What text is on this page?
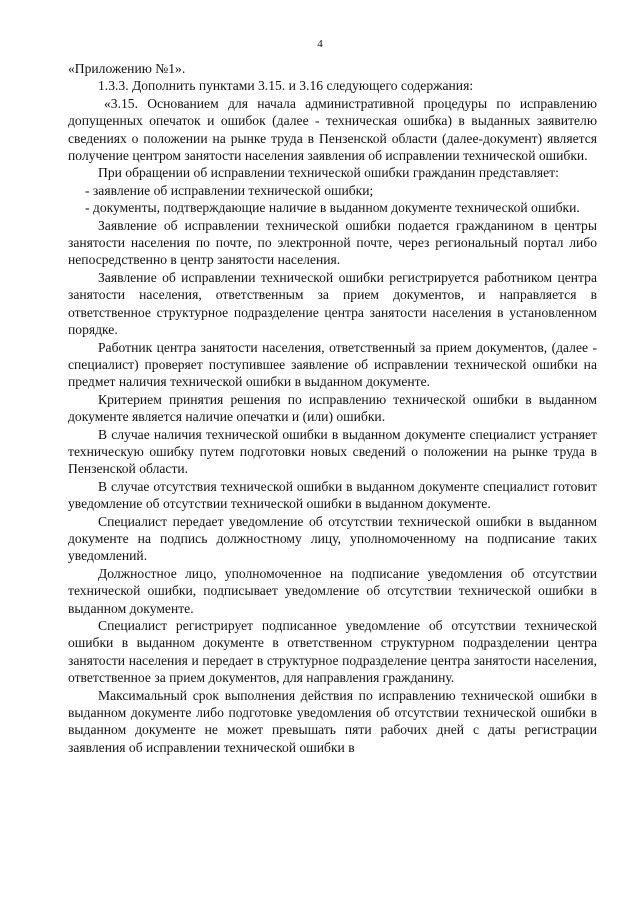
4

«Приложению №1».

1.3.3. Дополнить пунктами 3.15. и 3.16 следующего содержания:

«3.15. Основанием для начала административной процедуры по исправлению допущенных опечаток и ошибок (далее - техническая ошибка) в выданных заявителю сведениях о положении на рынке труда в Пензенской области (далее-документ) является получение центром занятости населения заявления об исправлении технической ошибки.

При обращении об исправлении технической ошибки гражданин представляет:

- заявление об исправлении технической ошибки;

- документы, подтверждающие наличие в выданном документе технической ошибки.

Заявление об исправлении технической ошибки подается гражданином в центры занятости населения по почте, по электронной почте, через региональный портал либо непосредственно в центр занятости населения.

Заявление об исправлении технической ошибки регистрируется работником центра занятости населения, ответственным за прием документов, и направляется в ответственное структурное подразделение центра занятости населения в установленном порядке.

Работник центра занятости населения, ответственный за прием документов, (далее - специалист) проверяет поступившее заявление об исправлении технической ошибки на предмет наличия технической ошибки в выданном документе.

Критерием принятия решения по исправлению технической ошибки в выданном документе является наличие опечатки и (или) ошибки.

В случае наличия технической ошибки в выданном документе специалист устраняет техническую ошибку путем подготовки новых сведений о положении на рынке труда в Пензенской области.

В случае отсутствия технической ошибки в выданном документе специалист готовит уведомление об отсутствии технической ошибки в выданном документе.

Специалист передает уведомление об отсутствии технической ошибки в выданном документе на подпись должностному лицу, уполномоченному на подписание таких уведомлений.

Должностное лицо, уполномоченное на подписание уведомления об отсутствии технической ошибки, подписывает уведомление об отсутствии технической ошибки в выданном документе.

Специалист регистрирует подписанное уведомление об отсутствии технической ошибки в выданном документе в ответственном структурном подразделении центра занятости населения и передает в структурное подразделение центра занятости населения, ответственное за прием документов, для направления гражданину.

Максимальный срок выполнения действия по исправлению технической ошибки в выданном документе либо подготовке уведомления об отсутствии технической ошибки в выданном документе не может превышать пяти рабочих дней с даты регистрации заявления об исправлении технической ошибки в
